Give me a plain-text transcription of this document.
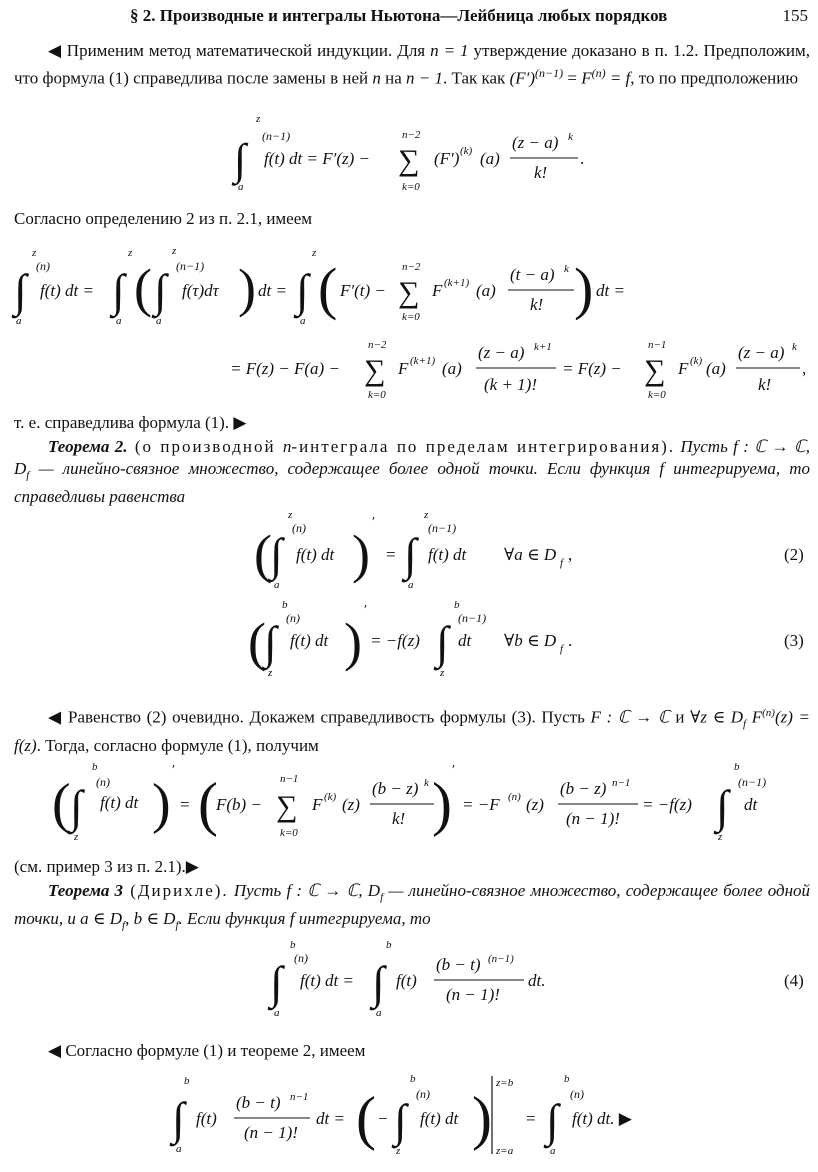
§ 2. Производные и интегралы Ньютона—Лейбница любых порядков	155

◀ Применим метод математической индукции. Для n = 1 утверждение доказано в п. 1.2. Предположим, что формула (1) справедлива после замены в ней n на n − 1. Так как $(F')^{(n-1)} = F^{(n)} = f$, то по предположению

z
(n−1)
∫
a
f(t) dt = F′(z) −
n−2
∑
k=0
(F′) (k) (a)
(z − a) k
k!
.

Согласно определению 2 из п. 2.1, имеем

z
(n)
∫
a
f(t) dt =
z
∫
a
(
z
(n−1)
∫
a
f(τ)dτ ) dt =
z
∫
a ( F′(t) −
n−2
∑
k=0
F (k+1) (a)
(t − a) k
k! ) dt =
= F(z) − F(a) −
n−2
∑
k=0
F (k+1) (a)
(z − a) k+1
(k + 1)!
= F(z) −
n−1
∑
k=0
F (k) (a)
(z − a) k
k!
,

т. е. справедлива формула (1). ▶

Теорема 2. (о производной n-интеграла по пределам интегрирования). Пусть f : ℂ → ℂ, $D_f$ — линейно-связное множество, содержащее более одной точки. Если функция f интегрируема, то справедливы равенства

(
z
(n)
∫
a
f(t) dt )
′
=
z
(n−1)
∫
a
f(t) dt ∀a ∈ D f ,	(2)
(
b
(n)
∫
z
f(t) dt )
′
= −f(z)
b
(n−1)
∫
z
dt ∀b ∈ D f .	(3)

◀ Равенство (2) очевидно. Докажем справедливость формулы (3). Пусть F : ℂ → ℂ и ∀z ∈ $D_f$ $F^{(n)}(z) = f(z)$. Тогда, согласно формуле (1), получим

(
b
(n)
∫
z
f(t) dt )
′
= (
F(b) −
n−1
∑
k=0
F (k) (z)
(b − z) k
k! )
′
= −F (n) (z)
(b − z) n−1
(n − 1)!
= −f(z)
b
(n−1)
∫
z
dt

(см. пример 3 из п. 2.1).▶

Теорема 3 (Дирихле). Пусть f : ℂ → ℂ, $D_f$ — линейно-связное множество, содержащее более одной точки, и a ∈ $D_f$, b ∈ $D_f$. Если функция f интегрируема, то

b
(n)
∫
a
f(t) dt =
b
∫
a
f(t)
(b − t) (n−1)
(n − 1)!
dt.	(4)

◀ Согласно формуле (1) и теореме 2, имеем

b
∫
a
f(t)
(b − t) n−1
(n − 1)!
dt = ( −
b
(n)
∫
z
f(t) dt )
z=b
z=a
=
b
(n)
∫
a
f(t) dt. ▶
